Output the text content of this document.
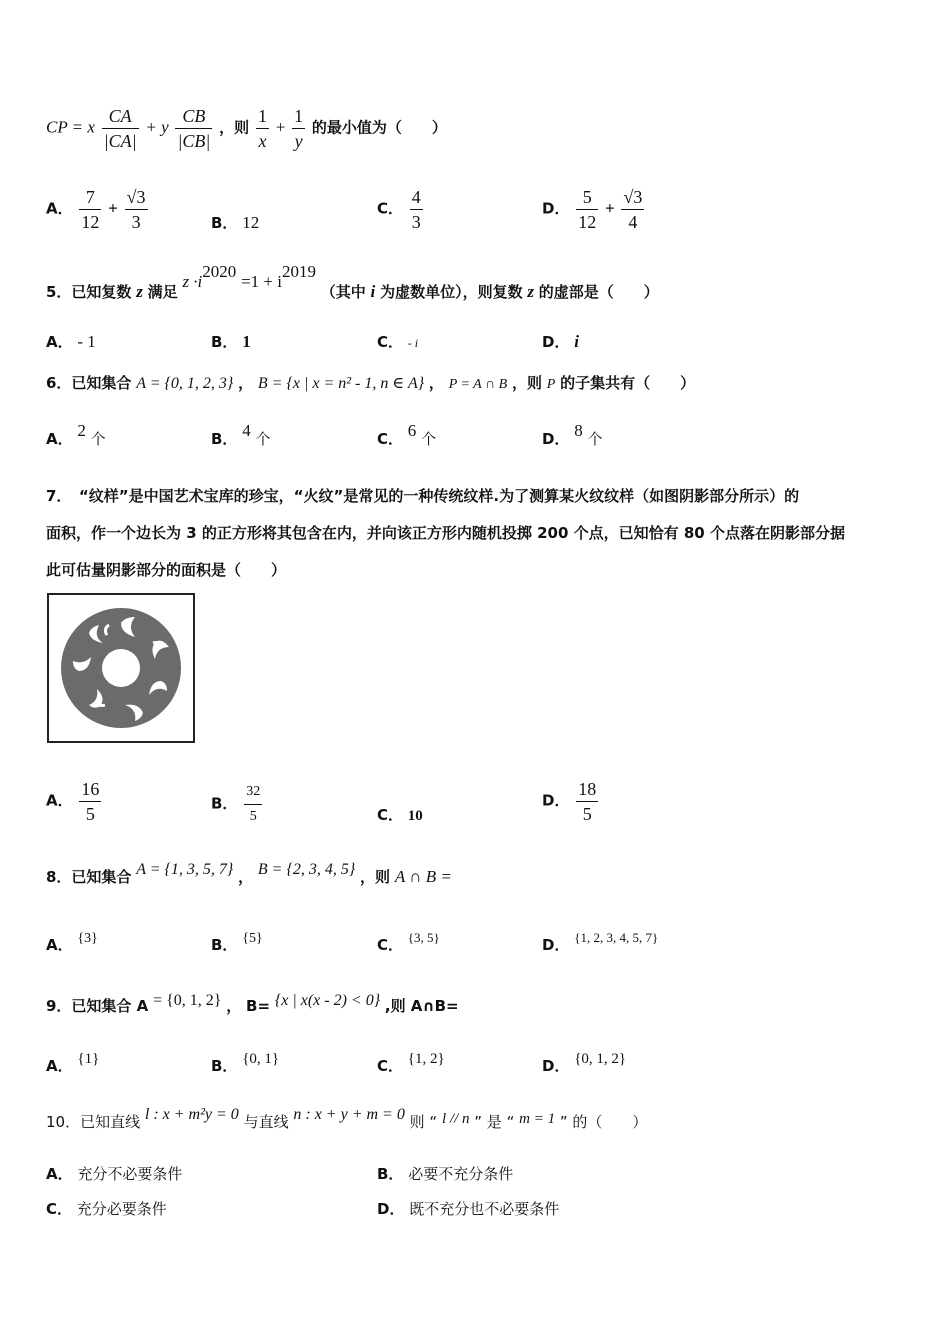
CP = x $\frac{CA}{|CA|} + y \frac{CB}{|CB|}$ ，则 $\frac{1}{x} + \frac{1}{y}$ 的最小值为（　　）
A． $\frac{7}{12} + \frac{√3}{3}$	B． 12
C． $\frac{4}{3}$	D． $\frac{5}{12} + \frac{√3}{4}$
5．已知复数 z 满足 $z \cdot i^{2020} =1 + i^{2019}$ （其中 i 为虚数单位），则复数 z 的虚部是（　　）
A． - 1	B． 1	C． - i	D． i
6．已知集合 A = {0, 1, 2, 3} ， B = {x | x = n² - 1, n ∈ A} ， P = A ∩ B ，则 P 的子集共有（　　）
A． 2 个	B． 4 个	C． 6 个	D． 8 个
7．　“纹样”是中国艺术宝库的珍宝，“火纹”是常见的一种传统纹样.为了测算某火纹纹样（如图阴影部分所示）的
面积，作一个边长为 3 的正方形将其包含在内，并向该正方形内随机投掷 200 个点，已知恰有 80 个点落在阴影部分据
此可估量阴影部分的面积是（　　）
A． $\frac{16}{5}$	B． $\frac{32}{5}$	C． 10
D． $\frac{18}{5}$
8．已知集合 A = {1, 3, 5, 7} ， B = {2, 3, 4, 5} ，则 A ∩ B =
A． {3}	B． {5}	C． {3, 5}	D． {1, 2, 3, 4, 5, 7}
9．已知集合 A = {0, 1, 2} ， B= {x | x(x - 2) < 0} ,则 A∩B=
A． {1}	B． {0, 1}	C． {1, 2}	D． {0, 1, 2}
10．已知直线 l : x + m²y = 0 与直线 n : x + y + m = 0 则 “ l // n ” 是 “ m = 1 ” 的（　　）
A． 充分不必要条件	B． 必要不充分条件
C． 充分必要条件	D． 既不充分也不必要条件
